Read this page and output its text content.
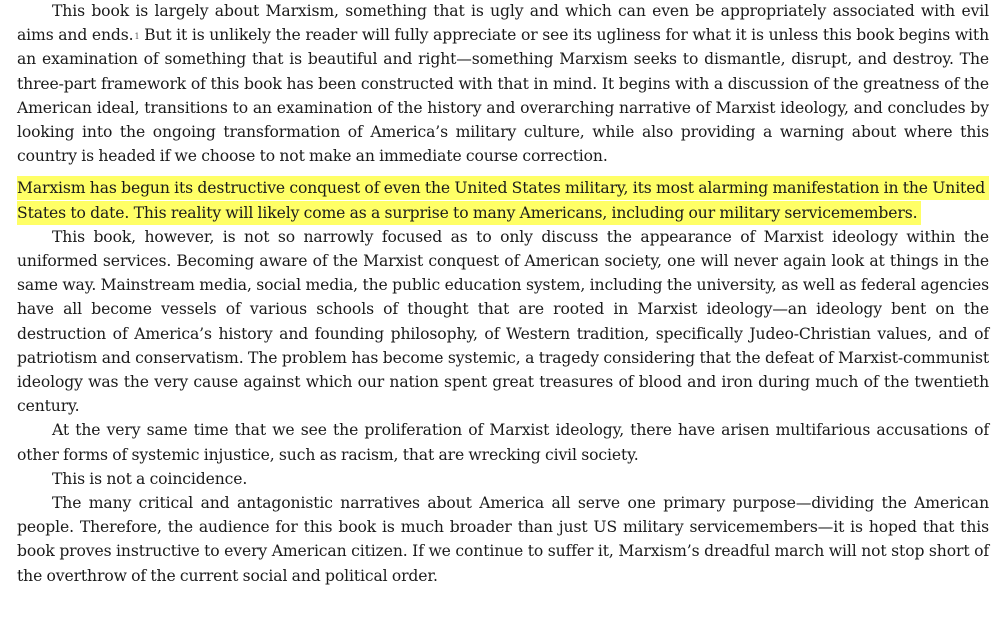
This book is largely about Marxism, something that is ugly and which can even be appropriately associated with evil aims and ends.$^1$ But it is unlikely the reader will fully appreciate or see its ugliness for what it is unless this book begins with an examination of something that is beautiful and right—something Marxism seeks to dismantle, disrupt, and destroy. The three-part framework of this book has been constructed with that in mind. It begins with a discussion of the greatness of the American ideal, transitions to an examination of the history and overarching narrative of Marxist ideology, and concludes by looking into the ongoing transformation of America’s military culture, while also providing a warning about where this country is headed if we choose to not make an immediate course correction.

Marxism has begun its destructive conquest of even the United States military, its most alarming manifestation in the United States to date. This reality will likely come as a surprise to many Americans, including our military servicemembers.

This book, however, is not so narrowly focused as to only discuss the appearance of Marxist ideology within the uniformed services. Becoming aware of the Marxist conquest of American society, one will never again look at things in the same way. Mainstream media, social media, the public education system, including the university, as well as federal agencies have all become vessels of various schools of thought that are rooted in Marxist ideology—an ideology bent on the destruction of America’s history and founding philosophy, of Western tradition, specifically Judeo-Christian values, and of patriotism and conservatism. The problem has become systemic, a tragedy considering that the defeat of Marxist-communist ideology was the very cause against which our nation spent great treasures of blood and iron during much of the twentieth century.

At the very same time that we see the proliferation of Marxist ideology, there have arisen multifarious accusations of other forms of systemic injustice, such as racism, that are wrecking civil society.

This is not a coincidence.

The many critical and antagonistic narratives about America all serve one primary purpose—dividing the American people. Therefore, the audience for this book is much broader than just US military servicemembers—it is hoped that this book proves instructive to every American citizen. If we continue to suffer it, Marxism’s dreadful march will not stop short of the overthrow of the current social and political order.
